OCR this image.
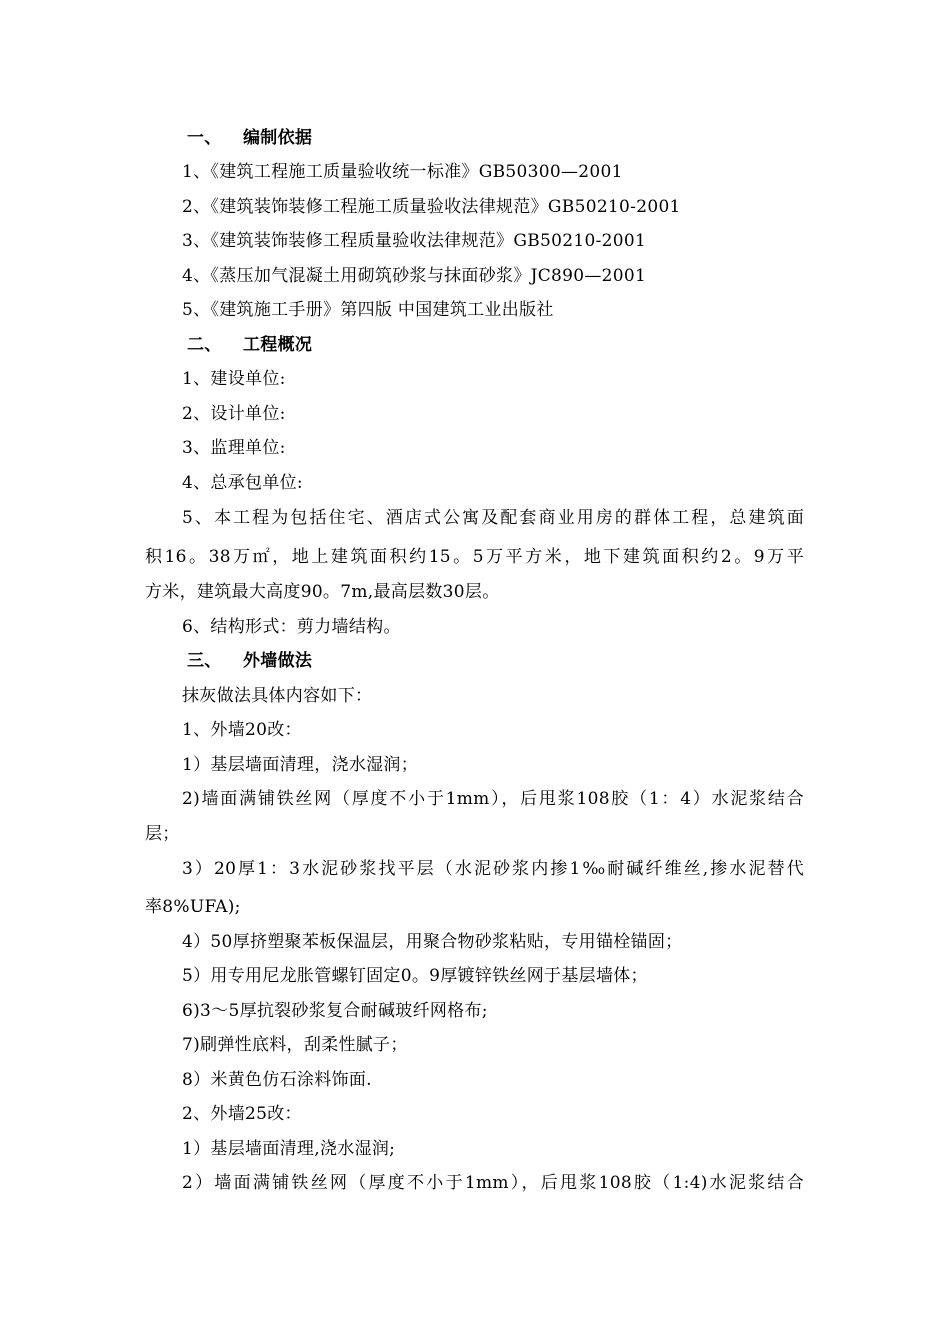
一、 编制依据
1、《建筑工程施工质量验收统一标准》GB50300—2001
2、《建筑装饰装修工程施工质量验收法律规范》GB50210-2001
3、《建筑装饰装修工程质量验收法律规范》GB50210-2001
4、《蒸压加气混凝土用砌筑砂浆与抹面砂浆》JC890—2001
5、《建筑施工手册》第四版 中国建筑工业出版社
二、 工程概况
1、建设单位:
2、设计单位:
3、监理单位:
4、总承包单位:
5、本工程为包括住宅、酒店式公寓及配套商业用房的群体工程，总建筑面
积16。38万㎡，地上建筑面积约15。5万平方米，地下建筑面积约2。9万平
方米，建筑最大高度90。7m,最高层数30层。
6、结构形式：剪力墙结构。
三、 外墙做法
抹灰做法具体内容如下：
1、外墙20改：
1）基层墙面清理，浇水湿润；
2)墙面满铺铁丝网（厚度不小于1mm），后甩浆108胶（1：4）水泥浆结合
层；
3）20厚1：3水泥砂浆找平层（水泥砂浆内掺1‰耐碱纤维丝,掺水泥替代
率8%UFA);
4）50厚挤塑聚苯板保温层，用聚合物砂浆粘贴，专用锚栓锚固；
5）用专用尼龙胀管螺钉固定0。9厚镀锌铁丝网于基层墙体；
6)3～5厚抗裂砂浆复合耐碱玻纤网格布;
7)刷弹性底料，刮柔性腻子；
8）米黄色仿石涂料饰面.
2、外墙25改：
1）基层墙面清理,浇水湿润;
2）墙面满铺铁丝网（厚度不小于1mm），后甩浆108胶（1:4)水泥浆结合
